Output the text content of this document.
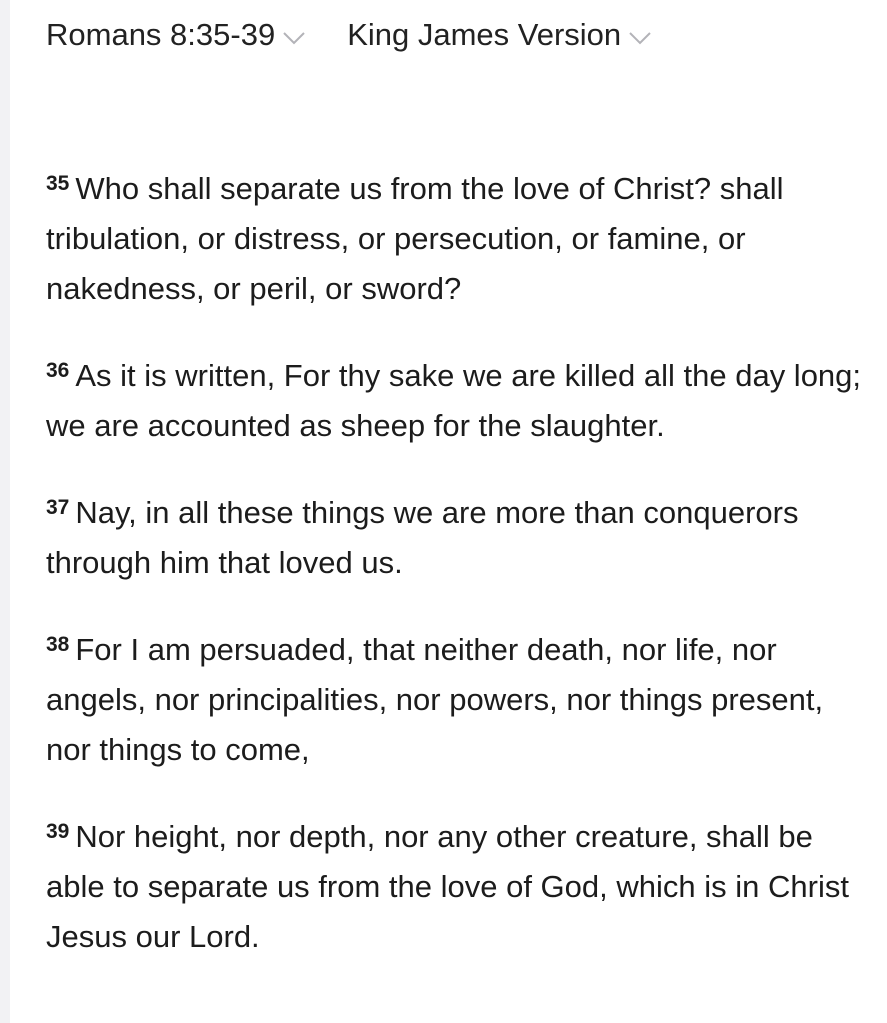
Romans 8:35-39 King James Version

$^{35}$ Who shall separate us from the love of Christ? shall tribulation, or distress, or persecution, or famine, or nakedness, or peril, or sword?

$^{36}$ As it is written, For thy sake we are killed all the day long; we are accounted as sheep for the slaughter.

$^{37}$ Nay, in all these things we are more than conquerors through him that loved us.

$^{38}$ For I am persuaded, that neither death, nor life, nor angels, nor principalities, nor powers, nor things present, nor things to come,

$^{39}$ Nor height, nor depth, nor any other creature, shall be able to separate us from the love of God, which is in Christ Jesus our Lord.
